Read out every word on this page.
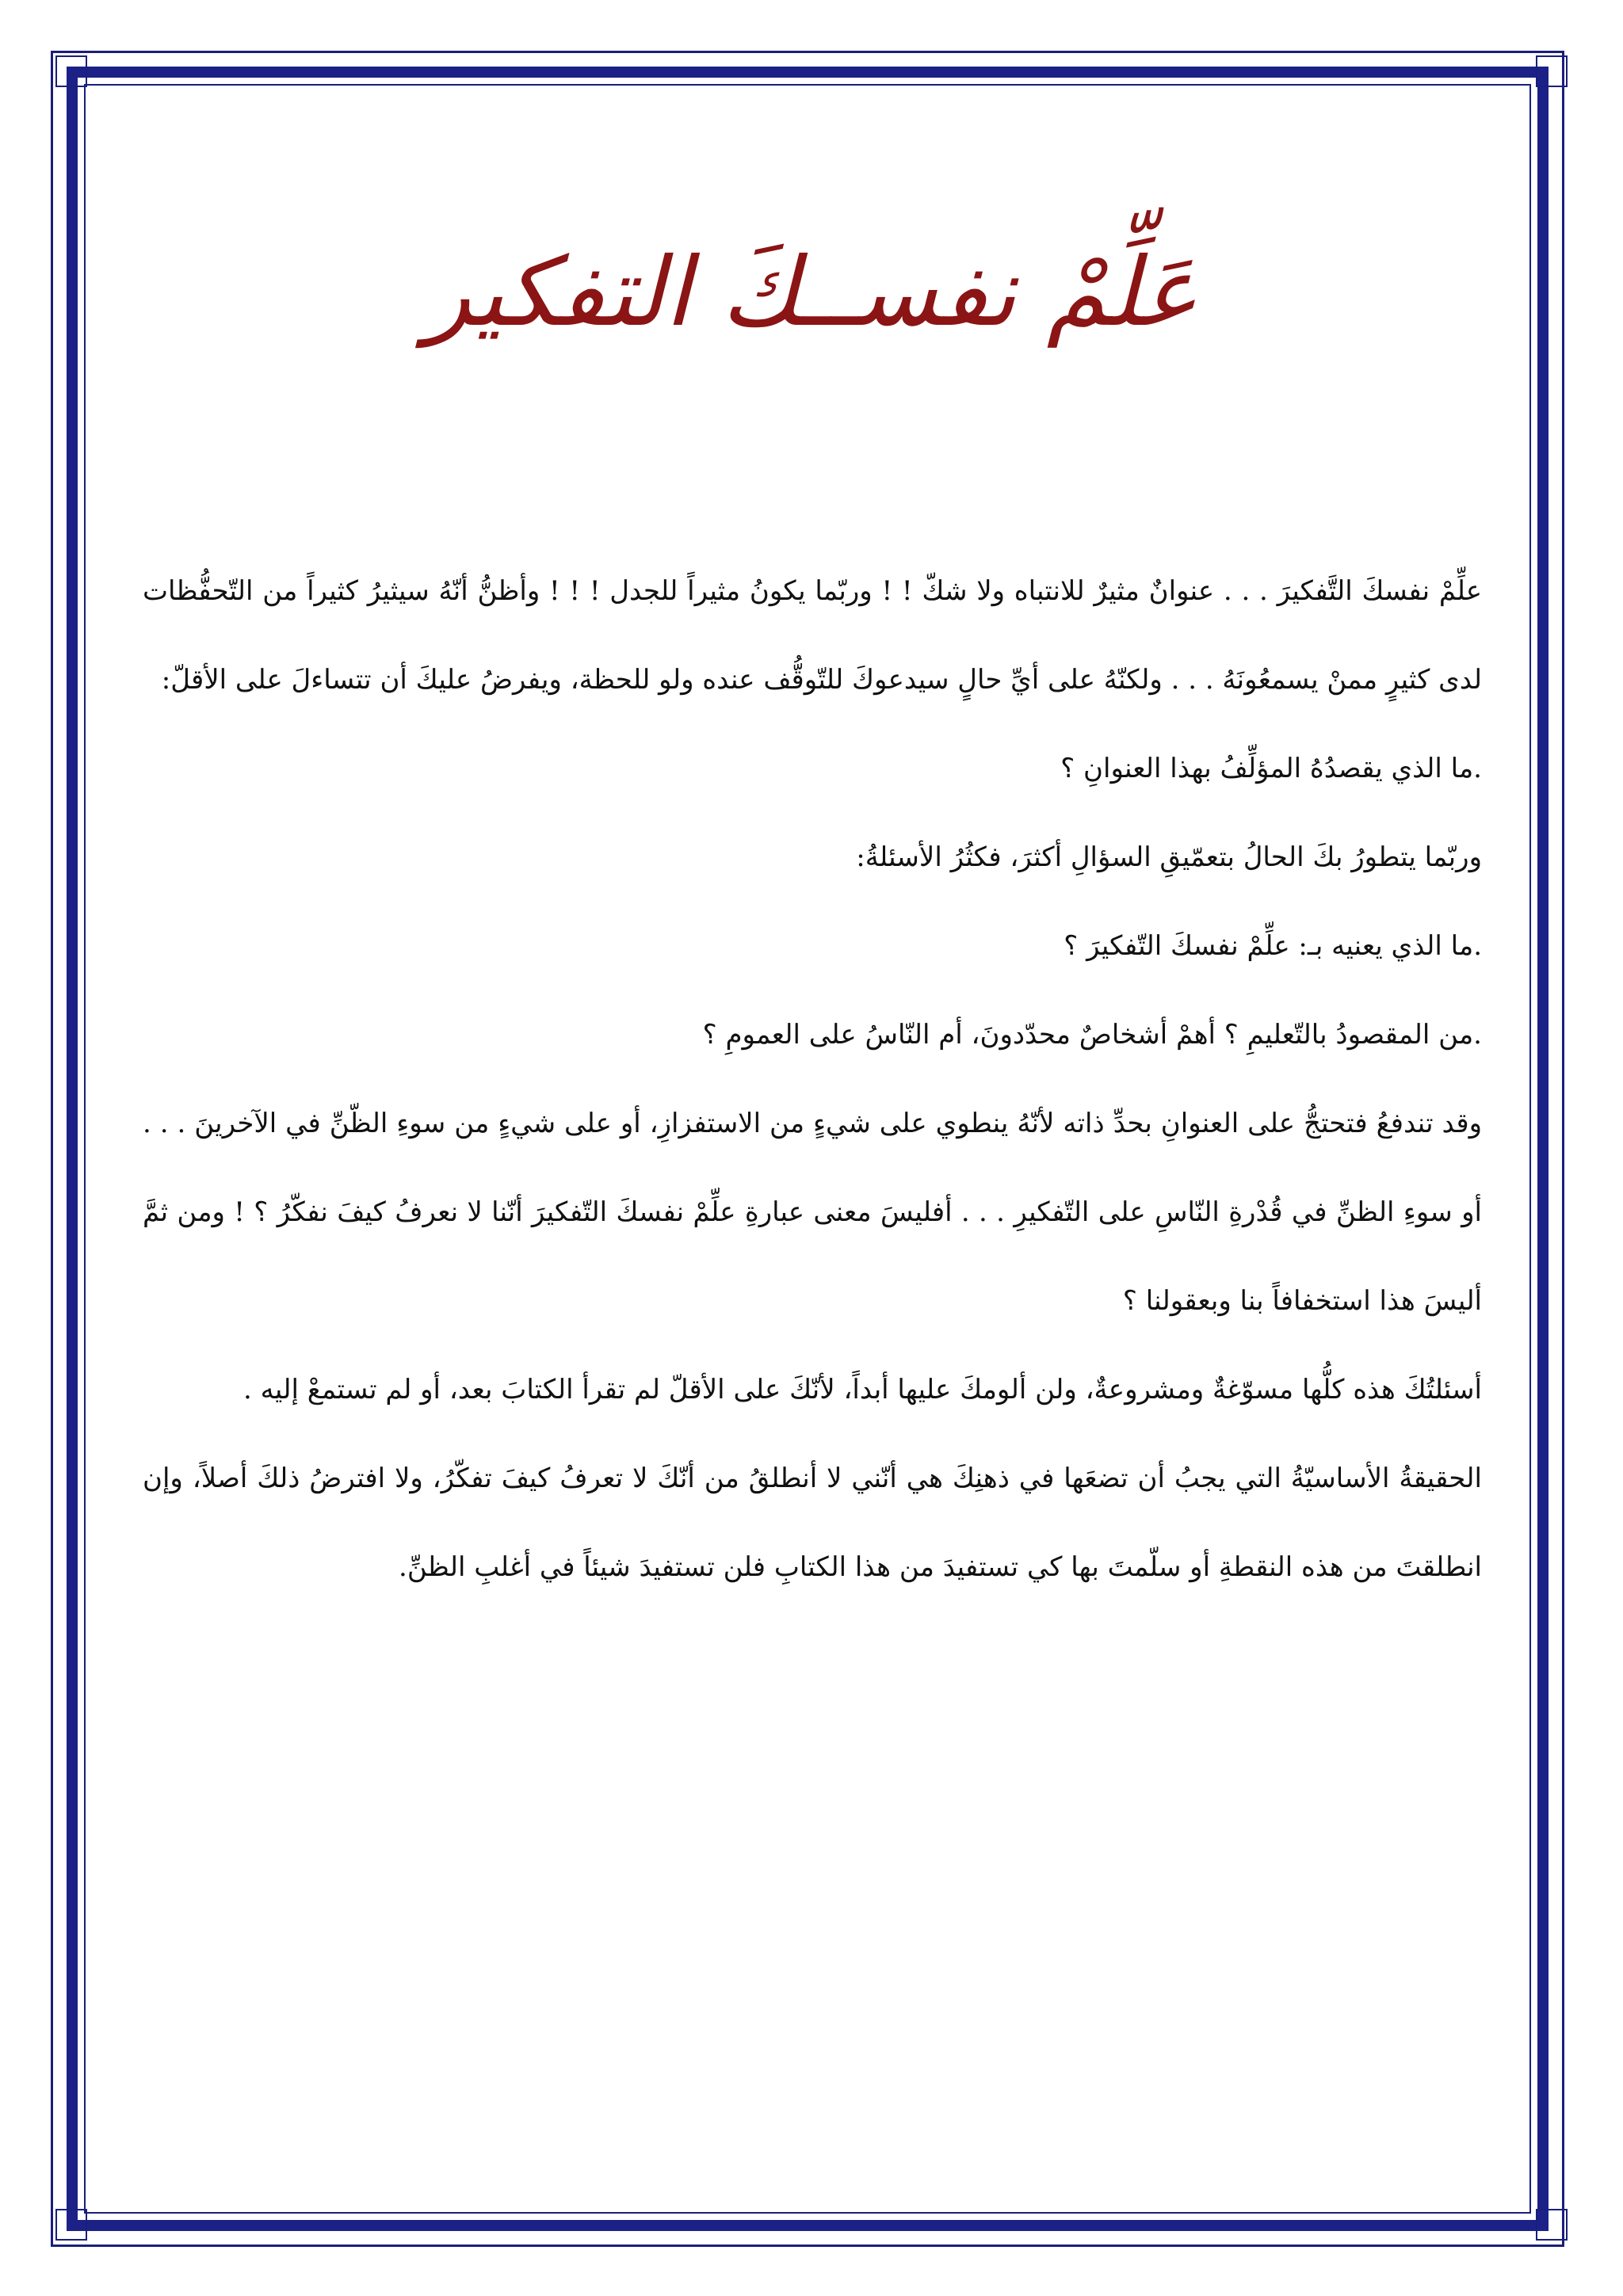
عَلِّمْ نفســكَ التفكير

علِّمْ نفسكَ التَّفكيرَ . . . عنوانٌ مثيرٌ للانتباه ولا شكّ ! ! وربّما يكونُ مثيراً للجدل ! ! ! وأظنُّ أنّهُ سيثيرُ كثيراً من التّحفُّظات لدى كثيرٍ ممنْ يسمعُونَهُ . . . ولكنّهُ على أيِّ حالٍ سيدعوكَ للتّوقُّف عنده ولو للحظة، ويفرضُ عليكَ أن تتساءلَ على الأقلّ:

.ما الذي يقصدُهُ المؤلِّفُ بهذا العنوانِ ؟

وربّما يتطورُ بكَ الحالُ بتعمّيقِ السؤالِ أكثرَ، فكثُرُ الأسئلةُ:

.ما الذي يعنيه بـ: علِّمْ نفسكَ التّفكيرَ ؟

.من المقصودُ بالتّعليمِ ؟ أهمْ أشخاصٌ محدّدونَ، أم النّاسُ على العمومِ ؟

وقد تندفعُ فتحتجُّ على العنوانِ بحدِّ ذاته لأنّهُ ينطوي على شيءٍ من الاستفزازِ، أو على شيءٍ من سوءِ الظّنِّ في الآخرينَ . . . أو سوءِ الظنِّ في قُدْرةِ النّاسِ على التّفكيرِ . . . أفليسَ معنى عبارةِ علِّمْ نفسكَ التّفكيرَ أنّنا لا نعرفُ كيفَ نفكّرُ ؟ ! ومن ثمَّ أليسَ هذا استخفافاً بنا وبعقولنا ؟

أسئلتُكَ هذه كلُّها مسوّغةٌ ومشروعةٌ، ولن ألومكَ عليها أبداً، لأنّكَ على الأقلّ لم تقرأ الكتابَ بعد، أو لم تستمعْ إليه .

الحقيقةُ الأساسيّةُ التي يجبُ أن تضعَها في ذهنِكَ هي أنّني لا أنطلقُ من أنّكَ لا تعرفُ كيفَ تفكّرُ، ولا افترضُ ذلكَ أصلاً، وإن انطلقتَ من هذه النقطةِ أو سلّمتَ بها كي تستفيدَ من هذا الكتابِ فلن تستفيدَ شيئاً في أغلبِ الظنِّ.
